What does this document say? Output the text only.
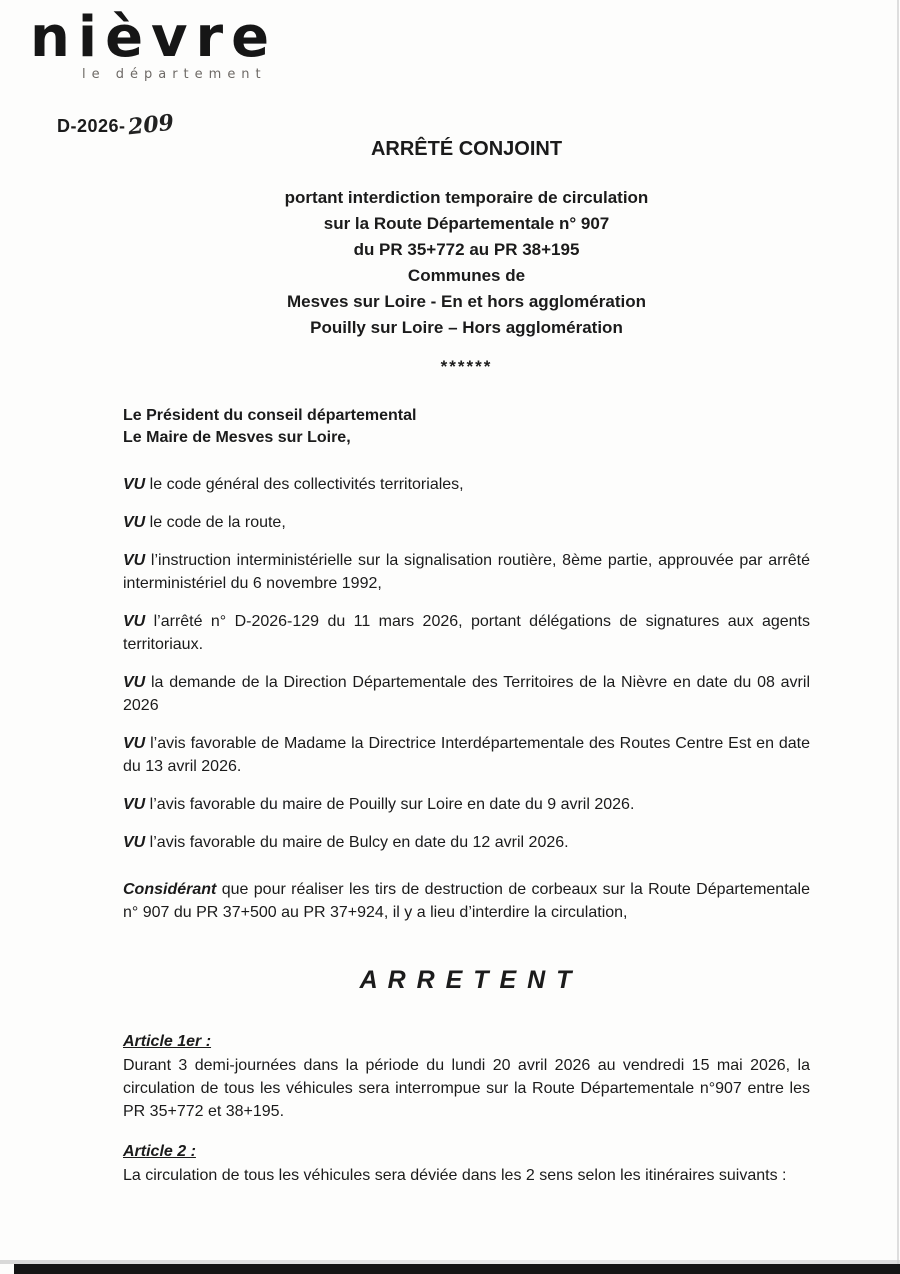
nièvre
le département
D-2026-209
ARRÊTÉ CONJOINT
portant interdiction temporaire de circulation
sur la Route Départementale n° 907
du PR 35+772 au PR 38+195
Communes de
Mesves sur Loire - En et hors agglomération
Pouilly sur Loire – Hors agglomération
******
Le Président du conseil départemental
Le Maire de Mesves sur Loire,

VU le code général des collectivités territoriales,

VU le code de la route,

VU l’instruction interministérielle sur la signalisation routière, 8ème partie, approuvée par arrêté interministériel du 6 novembre 1992,

VU l’arrêté n° D-2026-129 du 11 mars 2026, portant délégations de signatures aux agents territoriaux.

VU la demande de la Direction Départementale des Territoires de la Nièvre en date du 08 avril 2026

VU l’avis favorable de Madame la Directrice Interdépartementale des Routes Centre Est en date du 13 avril 2026.

VU l’avis favorable du maire de Pouilly sur Loire en date du 9 avril 2026.

VU l’avis favorable du maire de Bulcy en date du 12 avril 2026.

Considérant que pour réaliser les tirs de destruction de corbeaux sur la Route Départementale n° 907 du PR 37+500 au PR 37+924, il y a lieu d’interdire la circulation,

A R R E T E N T
Article 1er :

Durant 3 demi-journées dans la période du lundi 20 avril 2026 au vendredi 15 mai 2026, la circulation de tous les véhicules sera interrompue sur la Route Départementale n°907 entre les PR 35+772 et 38+195.

Article 2 :

La circulation de tous les véhicules sera déviée dans les 2 sens selon les itinéraires suivants :
